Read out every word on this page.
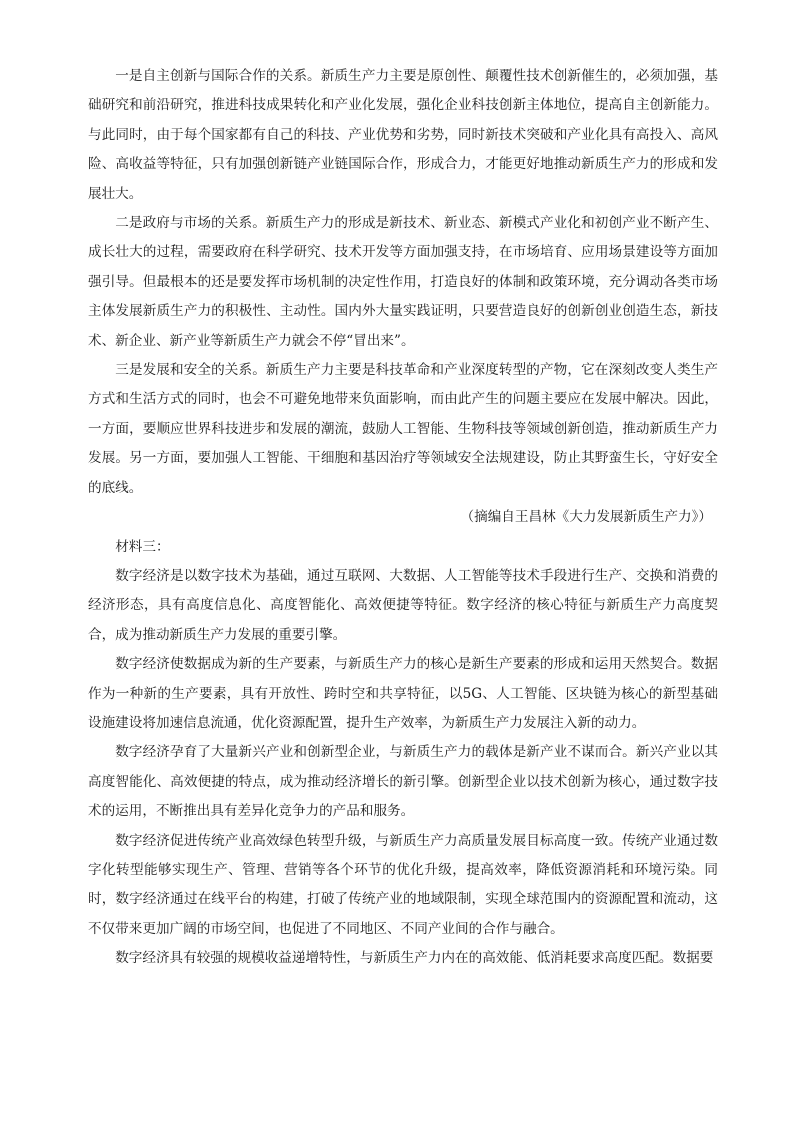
一是自主创新与国际合作的关系。新质生产力主要是原创性、颠覆性技术创新催生的，必须加强，基础研究和前沿研究，推进科技成果转化和产业化发展，强化企业科技创新主体地位，提高自主创新能力。与此同时，由于每个国家都有自己的科技、产业优势和劣势，同时新技术突破和产业化具有高投入、高风险、高收益等特征，只有加强创新链产业链国际合作，形成合力，才能更好地推动新质生产力的形成和发展壮大。

二是政府与市场的关系。新质生产力的形成是新技术、新业态、新模式产业化和初创产业不断产生、成长壮大的过程，需要政府在科学研究、技术开发等方面加强支持，在市场培育、应用场景建设等方面加强引导。但最根本的还是要发挥市场机制的决定性作用，打造良好的体制和政策环境，充分调动各类市场主体发展新质生产力的积极性、主动性。国内外大量实践证明，只要营造良好的创新创业创造生态，新技术、新企业、新产业等新质生产力就会不停“冒出来”。

三是发展和安全的关系。新质生产力主要是科技革命和产业深度转型的产物，它在深刻改变人类生产方式和生活方式的同时，也会不可避免地带来负面影响，而由此产生的问题主要应在发展中解决。因此，一方面，要顺应世界科技进步和发展的潮流，鼓励人工智能、生物科技等领域创新创造，推动新质生产力发展。另一方面，要加强人工智能、干细胞和基因治疗等领域安全法规建设，防止其野蛮生长，守好安全的底线。

（摘编自王昌林《大力发展新质生产力》）

材料三：

数字经济是以数字技术为基础，通过互联网、大数据、人工智能等技术手段进行生产、交换和消费的经济形态，具有高度信息化、高度智能化、高效便捷等特征。数字经济的核心特征与新质生产力高度契合，成为推动新质生产力发展的重要引擎。

数字经济使数据成为新的生产要素，与新质生产力的核心是新生产要素的形成和运用天然契合。数据作为一种新的生产要素，具有开放性、跨时空和共享特征，以5G、人工智能、区块链为核心的新型基础设施建设将加速信息流通，优化资源配置，提升生产效率，为新质生产力发展注入新的动力。

数字经济孕育了大量新兴产业和创新型企业，与新质生产力的载体是新产业不谋而合。新兴产业以其高度智能化、高效便捷的特点，成为推动经济增长的新引擎。创新型企业以技术创新为核心，通过数字技术的运用，不断推出具有差异化竞争力的产品和服务。

数字经济促进传统产业高效绿色转型升级，与新质生产力高质量发展目标高度一致。传统产业通过数字化转型能够实现生产、管理、营销等各个环节的优化升级，提高效率，降低资源消耗和环境污染。同时，数字经济通过在线平台的构建，打破了传统产业的地域限制，实现全球范围内的资源配置和流动，这不仅带来更加广阔的市场空间，也促进了不同地区、不同产业间的合作与融合。

数字经济具有较强的规模收益递增特性，与新质生产力内在的高效能、低消耗要求高度匹配。数据要
